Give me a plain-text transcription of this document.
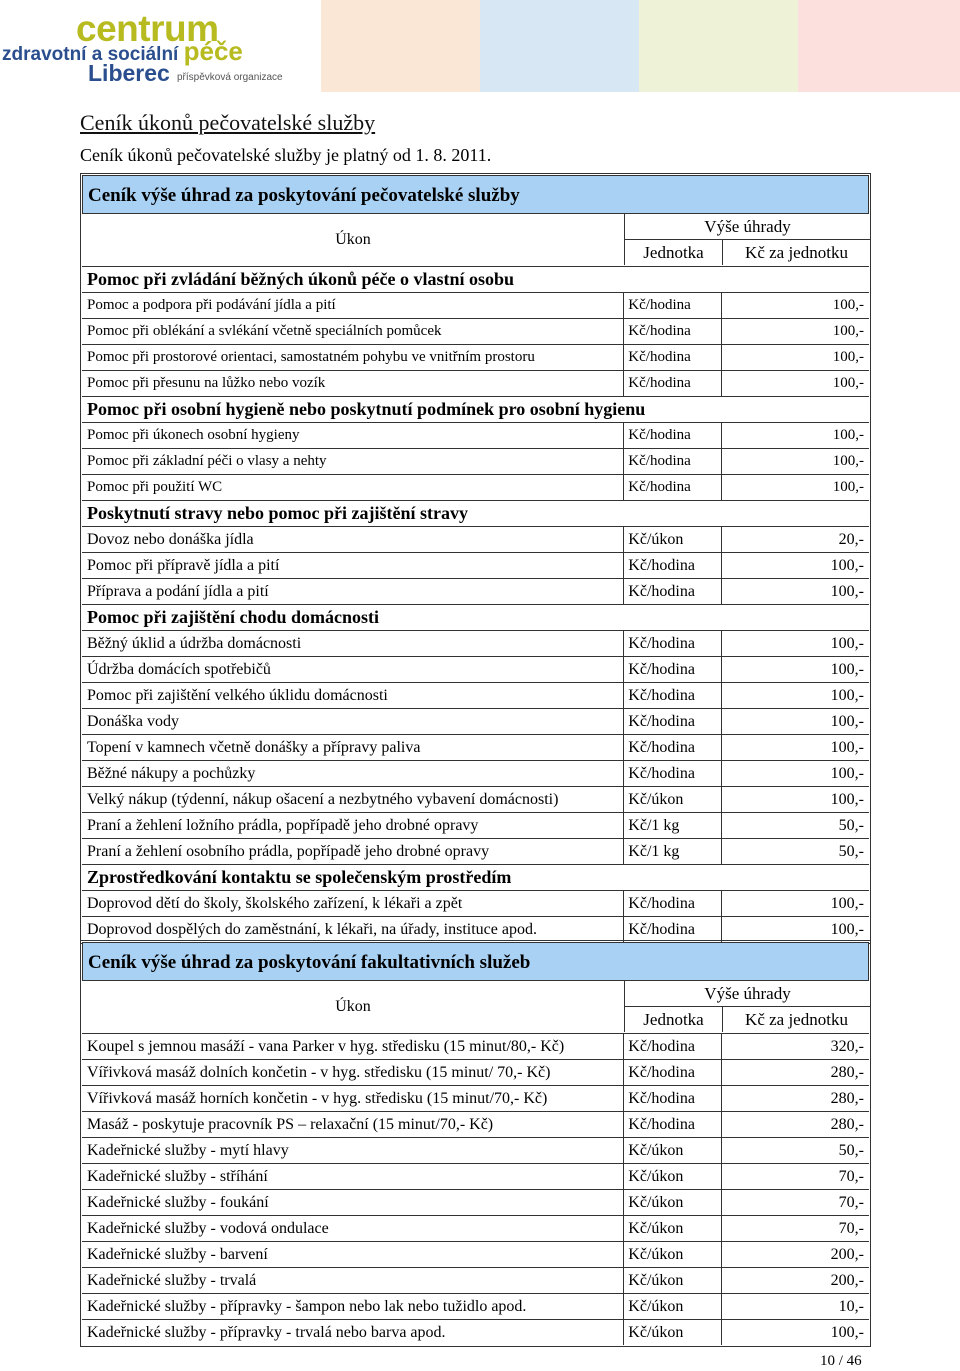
centrum
zdravotní a sociální péče
Liberec příspěvková organizace
Ceník úkonů pečovatelské služby
Ceník úkonů pečovatelské služby je platný od 1. 8. 2011.
Ceník výše úhrad za poskytování pečovatelské služby
Úkon
Výše úhrady
Jednotka	Kč za jednotku
Pomoc při zvládání běžných úkonů péče o vlastní osobu
Pomoc a podpora při podávání jídla a pití	Kč/hodina	100,-
Pomoc při oblékání a svlékání včetně speciálních pomůcek	Kč/hodina	100,-
Pomoc při prostorové orientaci, samostatném pohybu ve vnitřním prostoru	Kč/hodina	100,-
Pomoc při přesunu na lůžko nebo vozík	Kč/hodina	100,-
Pomoc při osobní hygieně nebo poskytnutí podmínek pro osobní hygienu
Pomoc při úkonech osobní hygieny	Kč/hodina	100,-
Pomoc při základní péči o vlasy a nehty	Kč/hodina	100,-
Pomoc při použití WC	Kč/hodina	100,-
Poskytnutí stravy nebo pomoc při zajištění stravy
Dovoz nebo donáška jídla	Kč/úkon	20,-
Pomoc při přípravě jídla a pití	Kč/hodina	100,-
Příprava a podání jídla a pití	Kč/hodina	100,-
Pomoc při zajištění chodu domácnosti
Běžný úklid a údržba domácnosti	Kč/hodina	100,-
Údržba domácích spotřebičů	Kč/hodina	100,-
Pomoc při zajištění velkého úklidu domácnosti	Kč/hodina	100,-
Donáška vody	Kč/hodina	100,-
Topení v kamnech včetně donášky a přípravy paliva	Kč/hodina	100,-
Běžné nákupy a pochůzky	Kč/hodina	100,-
Velký nákup (týdenní, nákup ošacení a nezbytného vybavení domácnosti)	Kč/úkon	100,-
Praní a žehlení ložního prádla, popřípadě jeho drobné opravy	Kč/1 kg	50,-
Praní a žehlení osobního prádla, popřípadě jeho drobné opravy	Kč/1 kg	50,-
Zprostředkování kontaktu se společenským prostředím
Doprovod dětí do školy, školského zařízení, k lékaři a zpět	Kč/hodina	100,-
Doprovod dospělých do zaměstnání, k lékaři, na úřady, instituce apod.	Kč/hodina	100,-
Ceník výše úhrad za poskytování fakultativních služeb
Úkon
Výše úhrady
Jednotka	Kč za jednotku
Koupel s jemnou masáží - vana Parker v hyg. středisku (15 minut/80,- Kč)	Kč/hodina	320,-
Vířivková masáž dolních končetin - v hyg. středisku (15 minut/ 70,- Kč)	Kč/hodina	280,-
Vířivková masáž horních končetin - v hyg. středisku (15 minut/70,- Kč)	Kč/hodina	280,-
Masáž - poskytuje pracovník PS – relaxační (15 minut/70,- Kč)	Kč/hodina	280,-
Kadeřnické služby - mytí hlavy	Kč/úkon	50,-
Kadeřnické služby - stříhání	Kč/úkon	70,-
Kadeřnické služby - foukání	Kč/úkon	70,-
Kadeřnické služby - vodová ondulace	Kč/úkon	70,-
Kadeřnické služby - barvení	Kč/úkon	200,-
Kadeřnické služby - trvalá	Kč/úkon	200,-
Kadeřnické služby - přípravky - šampon nebo lak nebo tužidlo apod.	Kč/úkon	10,-
Kadeřnické služby - přípravky - trvalá nebo barva apod.	Kč/úkon	100,-
10 / 46
